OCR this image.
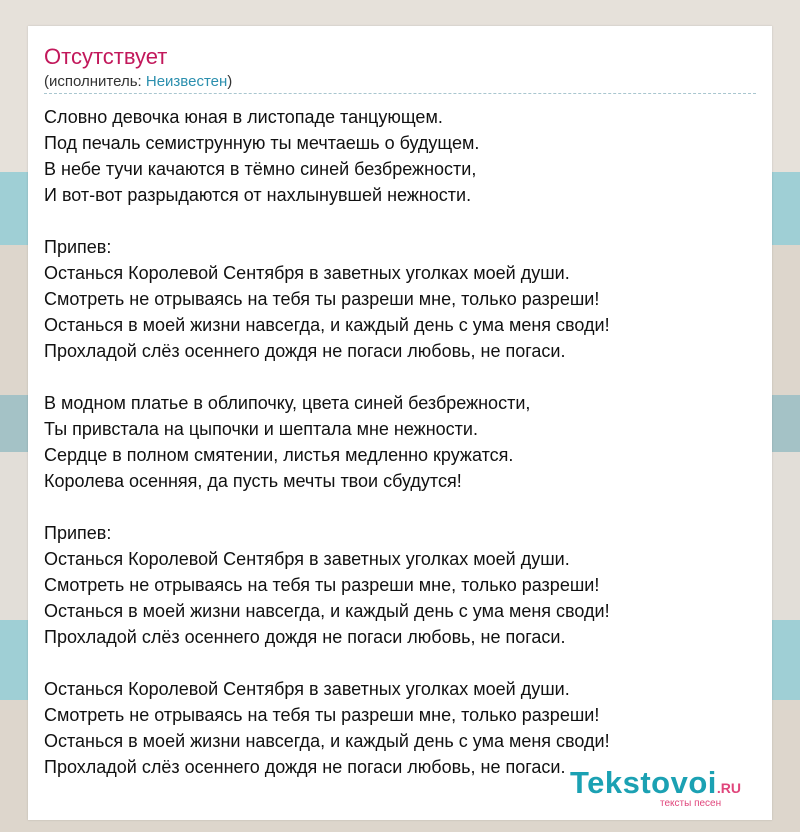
Отсутствует
(исполнитель: Неизвестен)
Словно девочка юная в листопаде танцующем.
Под печаль семиструнную ты мечтаешь о будущем.
В небе тучи качаются в тёмно синей безбрежности,
И вот-вот разрыдаются от нахлынувшей нежности.
Припев:
Останься Королевой Сентября в заветных уголках моей души.
Смотреть не отрываясь на тебя ты разреши мне, только разреши!
Останься в моей жизни навсегда, и каждый день с ума меня своди!
Прохладой слёз осеннего дождя не погаси любовь, не погаси.
В модном платье в облипочку, цвета синей безбрежности,
Ты привстала на цыпочки и шептала мне нежности.
Сердце в полном смятении, листья медленно кружатся.
Королева осенняя, да пусть мечты твои сбудутся!
Припев:
Останься Королевой Сентября в заветных уголках моей души.
Смотреть не отрываясь на тебя ты разреши мне, только разреши!
Останься в моей жизни навсегда, и каждый день с ума меня своди!
Прохладой слёз осеннего дождя не погаси любовь, не погаси.
Останься Королевой Сентября в заветных уголках моей души.
Смотреть не отрываясь на тебя ты разреши мне, только разреши!
Останься в моей жизни навсегда, и каждый день с ума меня своди!
Прохладой слёз осеннего дождя не погаси любовь, не погаси. Tekstovoi.RU
тексты песен
